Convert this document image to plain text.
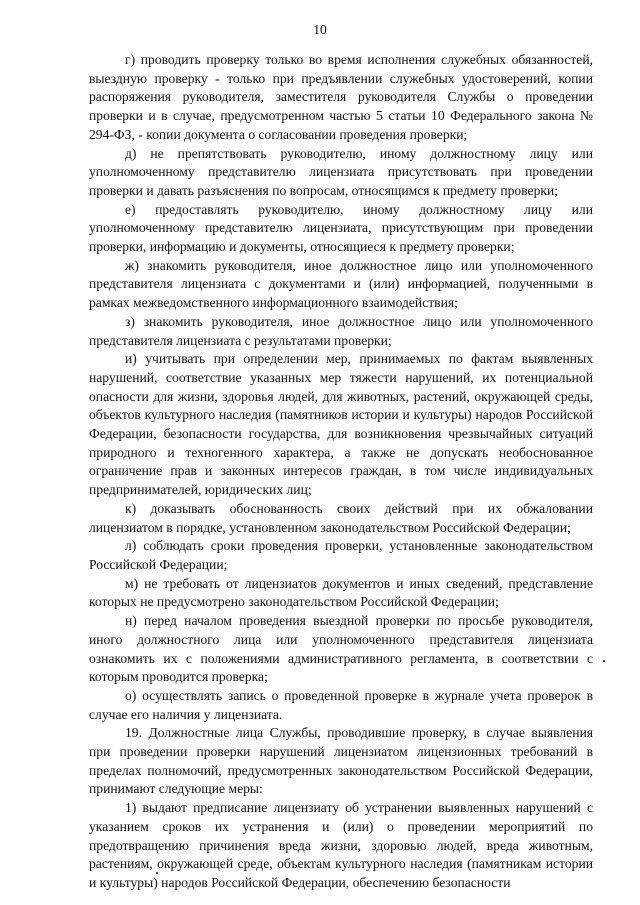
10

г) проводить проверку только во время исполнения служебных обязанностей, выездную проверку - только при предъявлении служебных удостоверений, копии распоряжения руководителя, заместителя руководителя Службы о проведении проверки и в случае, предусмотренном частью 5 статьи 10 Федерального закона № 294-ФЗ, - копии документа о согласовании проведения проверки;

д) не препятствовать руководителю, иному должностному лицу или уполномоченному представителю лицензиата присутствовать при проведении проверки и давать разъяснения по вопросам, относящимся к предмету проверки;

е) предоставлять руководителю, иному должностному лицу или уполномоченному представителю лицензиата, присутствующим при проведении проверки, информацию и документы, относящиеся к предмету проверки;

ж) знакомить руководителя, иное должностное лицо или уполномоченного представителя лицензиата с документами и (или) информацией, полученными в рамках межведомственного информационного взаимодействия;

з) знакомить руководителя, иное должностное лицо или уполномоченного представителя лицензиата с результатами проверки;

и) учитывать при определении мер, принимаемых по фактам выявленных нарушений, соответствие указанных мер тяжести нарушений, их потенциальной опасности для жизни, здоровья людей, для животных, растений, окружающей среды, объектов культурного наследия (памятников истории и культуры) народов Российской Федерации, безопасности государства, для возникновения чрезвычайных ситуаций природного и техногенного характера, а также не допускать необоснованное ограничение прав и законных интересов граждан, в том числе индивидуальных предпринимателей, юридических лиц;

к) доказывать обоснованность своих действий при их обжаловании лицензиатом в порядке, установленном законодательством Российской Федерации;

л) соблюдать сроки проведения проверки, установленные законодательством Российской Федерации;

м) не требовать от лицензиатов документов и иных сведений, представление которых не предусмотрено законодательством Российской Федерации;

н) перед началом проведения выездной проверки по просьбе руководителя, иного должностного лица или уполномоченного представителя лицензиата ознакомить их с положениями административного регламента, в соответствии с которым проводится проверка;

о) осуществлять запись о проведенной проверке в журнале учета проверок в случае его наличия у лицензиата.

19. Должностные лица Службы, проводившие проверку, в случае выявления при проведении проверки нарушений лицензиатом лицензионных требований в пределах полномочий, предусмотренных законодательством Российской Федерации, принимают следующие меры:

1) выдают предписание лицензиату об устранении выявленных нарушений с указанием сроков их устранения и (или) о проведении мероприятий по предотвращению причинения вреда жизни, здоровью людей, вреда животным, растениям, окружающей среде, объектам культурного наследия (памятникам истории и культуры) народов Российской Федерации, обеспечению безопасности
